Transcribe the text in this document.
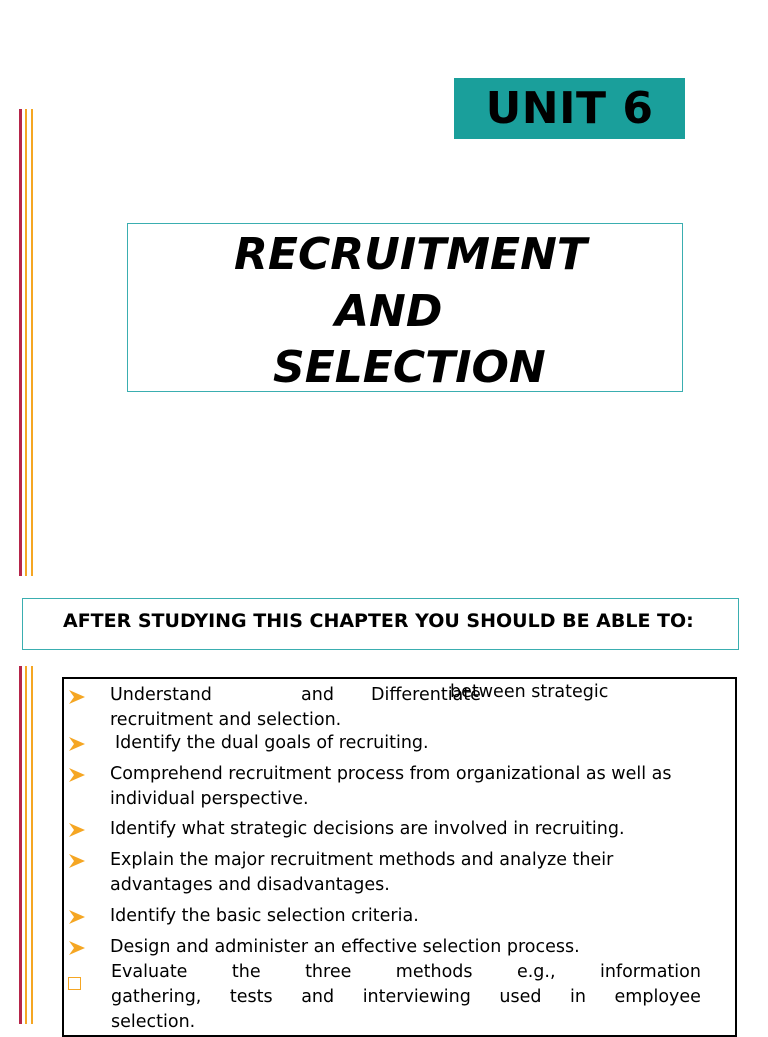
UNIT 6
RECRUITMENT
AND
SELECTION
AFTER STUDYING THIS CHAPTER YOU SHOULD BE ABLE TO:
Understand	and Differentiate
between strategic
recruitment and selection.
Identify the dual goals of recruiting.
Comprehend recruitment process from organizational as well as individual perspective.
Identify what strategic decisions are involved in recruiting.
Explain the major recruitment methods and analyze their advantages and disadvantages.
Identify the basic selection criteria.
Design and administer an effective selection process.
Evaluate	the	three	methods	e.g.,	information
gathering, tests and interviewing used in employee
selection.
